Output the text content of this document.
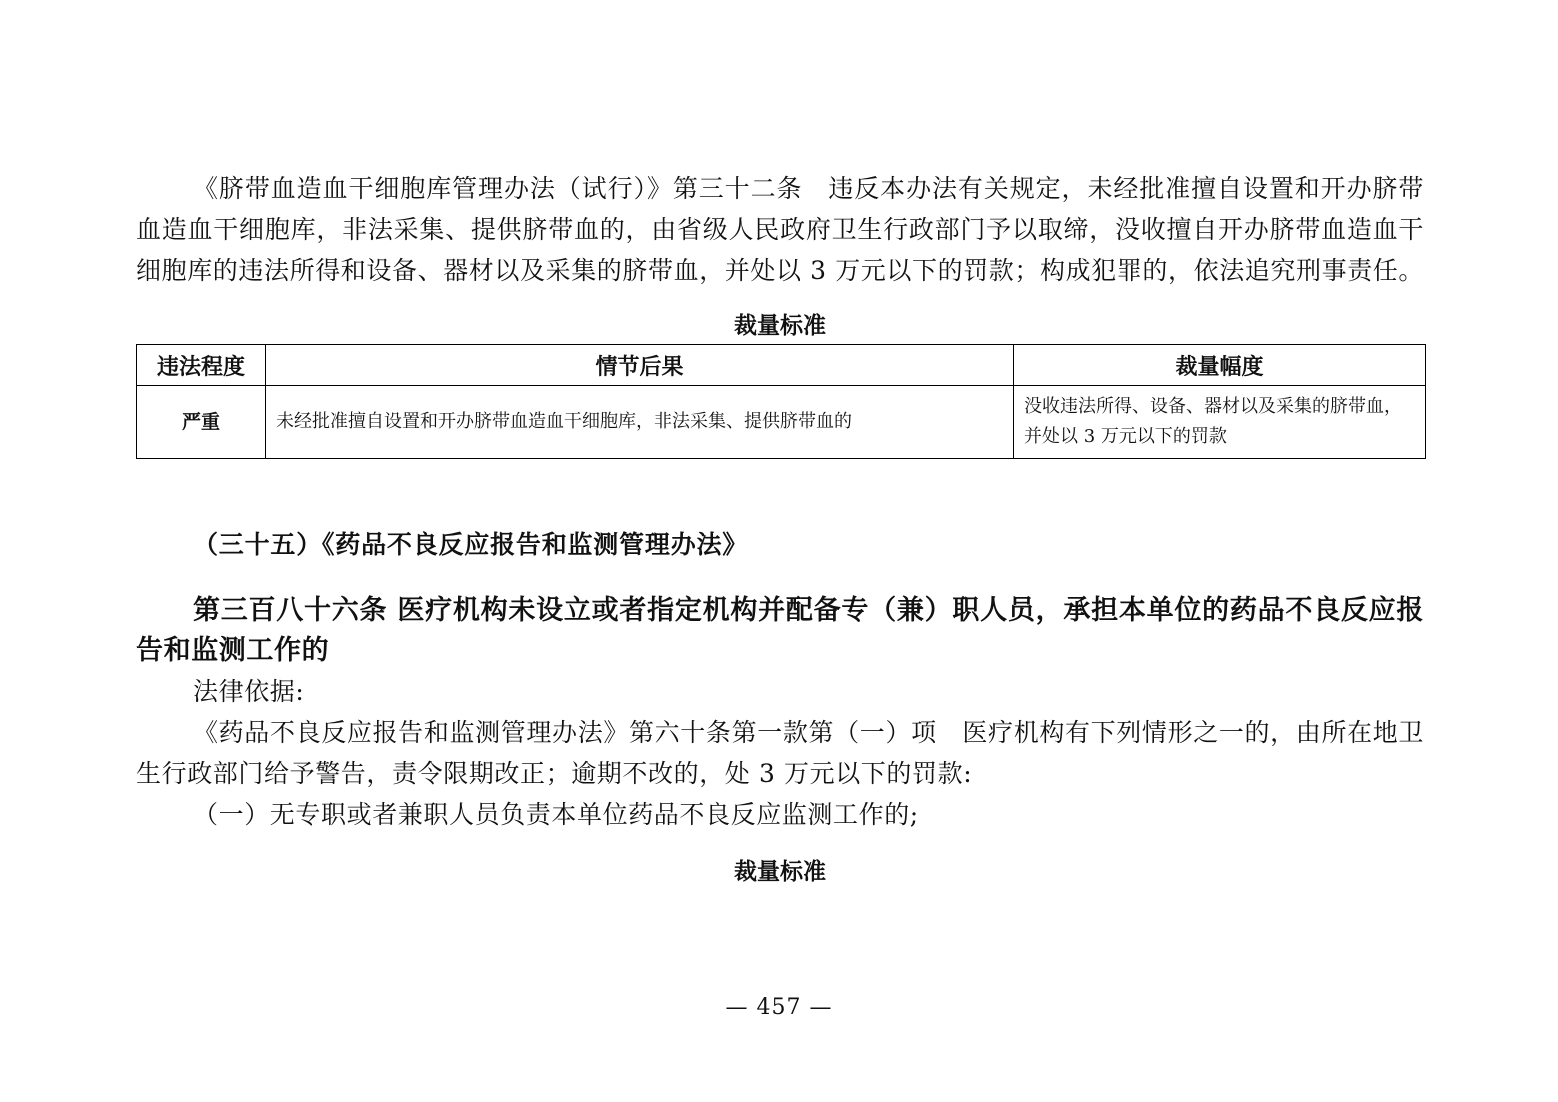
《脐带血造血干细胞库管理办法（试行）》第三十二条  违反本办法有关规定，未经批准擅自设置和开办脐带血造血干细胞库，非法采集、提供脐带血的，由省级人民政府卫生行政部门予以取缔，没收擅自开办脐带血造血干细胞库的违法所得和设备、器材以及采集的脐带血，并处以 3 万元以下的罚款；构成犯罪的，依法追究刑事责任。

裁量标准
违法程度	情节后果	裁量幅度
严重	未经批准擅自设置和开办脐带血造血干细胞库，非法采集、提供脐带血的	没收违法所得、设备、器材以及采集的脐带血，并处以 3 万元以下的罚款

（三十五）《药品不良反应报告和监测管理办法》

第三百八十六条 医疗机构未设立或者指定机构并配备专（兼）职人员，承担本单位的药品不良反应报告和监测工作的

法律依据:

《药品不良反应报告和监测管理办法》第六十条第一款第（一）项  医疗机构有下列情形之一的，由所在地卫生行政部门给予警告，责令限期改正；逾期不改的，处 3 万元以下的罚款:

（一）无专职或者兼职人员负责本单位药品不良反应监测工作的;

裁量标准
— 457 —
